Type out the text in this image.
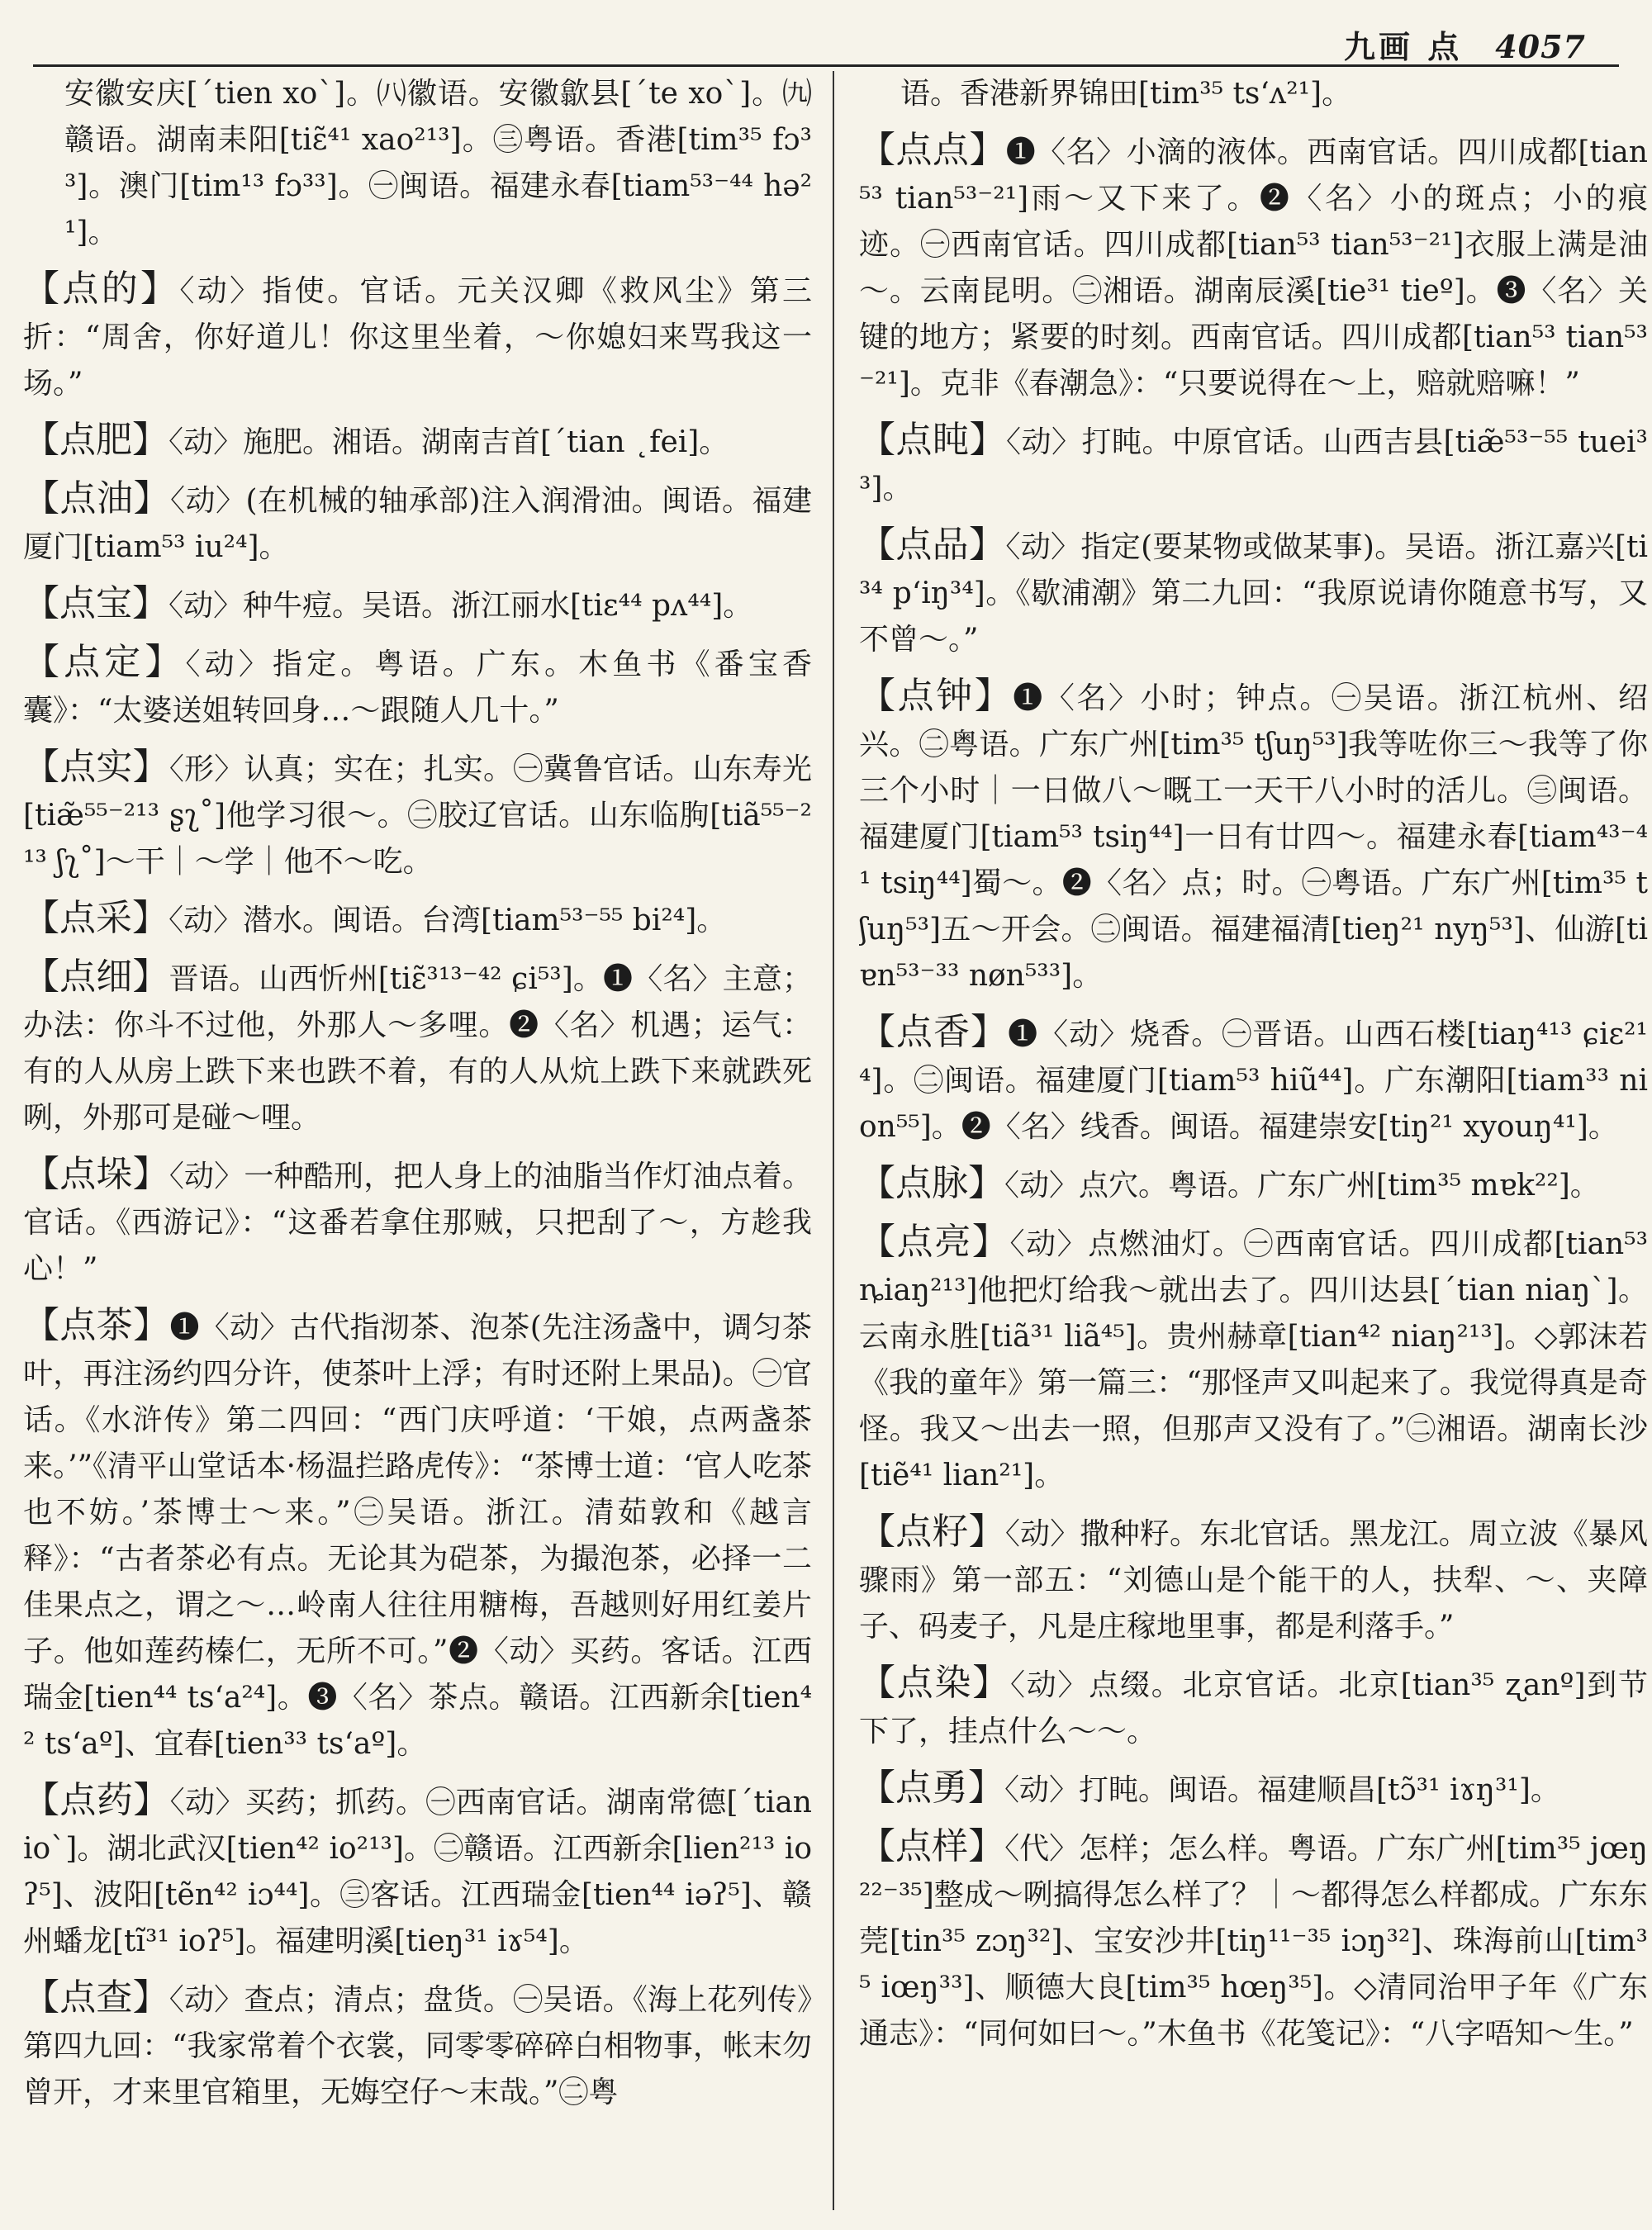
九画 点 4057

安徽安庆[ˊtien xoˋ]。㈧徽语。安徽歙县[ˊte xoˋ]。㈨赣语。湖南耒阳[tiɛ̃⁴¹ xao²¹³]。㊂粤语。香港[tim³⁵ fɔ³³]。澳门[tim¹³ fɔ³³]。㊀闽语。福建永春[tiam⁵³⁻⁴⁴ hə²¹]。

【点的】〈动〉指使。官话。元关汉卿《救风尘》第三折：“周舍，你好道儿！你这里坐着，～你媳妇来骂我这一场。”

【点肥】〈动〉施肥。湘语。湖南吉首[ˊtian ˛fei]。

【点油】〈动〉(在机械的轴承部)注入润滑油。闽语。福建厦门[tiam⁵³ iu²⁴]。

【点宝】〈动〉种牛痘。吴语。浙江丽水[tiɛ⁴⁴ pʌ⁴⁴]。

【点定】〈动〉指定。粤语。广东。木鱼书《番宝香囊》：“太婆送姐转回身…～跟随人几十。”

【点实】〈形〉认真；实在；扎实。㊀冀鲁官话。山东寿光[tiæ̃⁵⁵⁻²¹³ ʂʅ˚]他学习很～。㊁胶辽官话。山东临朐[tiã⁵⁵⁻²¹³ ʃʅ˚]～干｜～学｜他不～吃。

【点采】〈动〉潜水。闽语。台湾[tiam⁵³⁻⁵⁵ bi²⁴]。

【点细】晋语。山西忻州[tiɛ̃³¹³⁻⁴² ɕi⁵³]。❶〈名〉主意；办法：你斗不过他，外那人～多哩。❷〈名〉机遇；运气：有的人从房上跌下来也跌不着，有的人从炕上跌下来就跌死咧，外那可是碰～哩。

【点垛】〈动〉一种酷刑，把人身上的油脂当作灯油点着。官话。《西游记》：“这番若拿住那贼，只把刮了～，方趁我心！”

【点茶】❶〈动〉古代指沏茶、泡茶(先注汤盏中，调匀茶叶，再注汤约四分许，使茶叶上浮；有时还附上果品)。㊀官话。《水浒传》第二四回：“西门庆呼道：‘干娘，点两盏茶来。’”《清平山堂话本·杨温拦路虎传》：“茶博士道：‘官人吃茶也不妨。’茶博士～来。”㊁吴语。浙江。清茹敦和《越言释》：“古者茶必有点。无论其为硙茶，为撮泡茶，必择一二佳果点之，谓之～…岭南人往往用糖梅，吾越则好用红姜片子。他如莲药榛仁，无所不可。”❷〈动〉买药。客话。江西瑞金[tien⁴⁴ tsʻa²⁴]。❸〈名〉茶点。赣语。江西新余[tien⁴² tsʻaº]、宜春[tien³³ tsʻaº]。

【点药】〈动〉买药；抓药。㊀西南官话。湖南常德[ˊtian ioˋ]。湖北武汉[tien⁴² io²¹³]。㊁赣语。江西新余[lien²¹³ ioʔ⁵]、波阳[tẽn⁴² iɔ⁴⁴]。㊂客话。江西瑞金[tien⁴⁴ iəʔ⁵]、赣州蟠龙[tĩ³¹ ioʔ⁵]。福建明溪[tieŋ³¹ iɤ⁵⁴]。

【点查】〈动〉查点；清点；盘货。㊀吴语。《海上花列传》第四九回：“我家常着个衣裳，同零零碎碎白相物事，帐末勿曾开，才来里官箱里，无娒空仔～末哉。”㊁粤

语。香港新界锦田[tim³⁵ tsʻʌ²¹]。

【点点】❶〈名〉小滴的液体。西南官话。四川成都[tian⁵³ tian⁵³⁻²¹]雨～又下来了。❷〈名〉小的斑点；小的痕迹。㊀西南官话。四川成都[tian⁵³ tian⁵³⁻²¹]衣服上满是油～。云南昆明。㊁湘语。湖南辰溪[tie³¹ tieº]。❸〈名〉关键的地方；紧要的时刻。西南官话。四川成都[tian⁵³ tian⁵³⁻²¹]。克非《春潮急》：“只要说得在～上，赔就赔嘛！”

【点盹】〈动〉打盹。中原官话。山西吉县[tiæ̃⁵³⁻⁵⁵ tuei³³]。

【点品】〈动〉指定(要某物或做某事)。吴语。浙江嘉兴[ti³⁴ pʻiŋ³⁴]。《歇浦潮》第二九回：“我原说请你随意书写，又不曾～。”

【点钟】❶〈名〉小时；钟点。㊀吴语。浙江杭州、绍兴。㊁粤语。广东广州[tim³⁵ tʃuŋ⁵³]我等咗你三～我等了你三个小时｜一日做八～嘅工一天干八小时的活儿。㊂闽语。福建厦门[tiam⁵³ tsiŋ⁴⁴]一日有廿四～。福建永春[tiam⁴³⁻⁴¹ tsiŋ⁴⁴]蜀～。❷〈名〉点；时。㊀粤语。广东广州[tim³⁵ tʃuŋ⁵³]五～开会。㊁闽语。福建福清[tieŋ²¹ nyŋ⁵³]、仙游[tiɐn⁵³⁻³³ nøn⁵³³]。

【点香】❶〈动〉烧香。㊀晋语。山西石楼[tiaŋ⁴¹³ ɕiɛ²¹⁴]。㊁闽语。福建厦门[tiam⁵³ hiũ⁴⁴]。广东潮阳[tiam³³ nion⁵⁵]。❷〈名〉线香。闽语。福建崇安[tiŋ²¹ xyouŋ⁴¹]。

【点脉】〈动〉点穴。粤语。广东广州[tim³⁵ mɐk²²]。

【点亮】〈动〉点燃油灯。㊀西南官话。四川成都[tian⁵³ ȵiaŋ²¹³]他把灯给我～就出去了。四川达县[ˊtian niaŋˋ]。云南永胜[tiã³¹ liã⁴⁵]。贵州赫章[tian⁴² niaŋ²¹³]。◇郭沫若《我的童年》第一篇三：“那怪声又叫起来了。我觉得真是奇怪。我又～出去一照，但那声又没有了。”㊁湘语。湖南长沙[tiẽ⁴¹ lian²¹]。

【点籽】〈动〉撒种籽。东北官话。黑龙江。周立波《暴风骤雨》第一部五：“刘德山是个能干的人，扶犁、～、夹障子、码麦子，凡是庄稼地里事，都是利落手。”

【点染】〈动〉点缀。北京官话。北京[tian³⁵ ʐanº]到节下了，挂点什么～～。

【点勇】〈动〉打盹。闽语。福建顺昌[tɔ̃³¹ iɤŋ³¹]。

【点样】〈代〉怎样；怎么样。粤语。广东广州[tim³⁵ jœŋ²²⁻³⁵]整成～咧搞得怎么样了？｜～都得怎么样都成。广东东莞[tin³⁵ zɔŋ³²]、宝安沙井[tiŋ¹¹⁻³⁵ iɔŋ³²]、珠海前山[tim³⁵ iœŋ³³]、顺德大良[tim³⁵ hœŋ³⁵]。◇清同治甲子年《广东通志》：“同何如曰～。”木鱼书《花笺记》：“八字唔知～生。”
